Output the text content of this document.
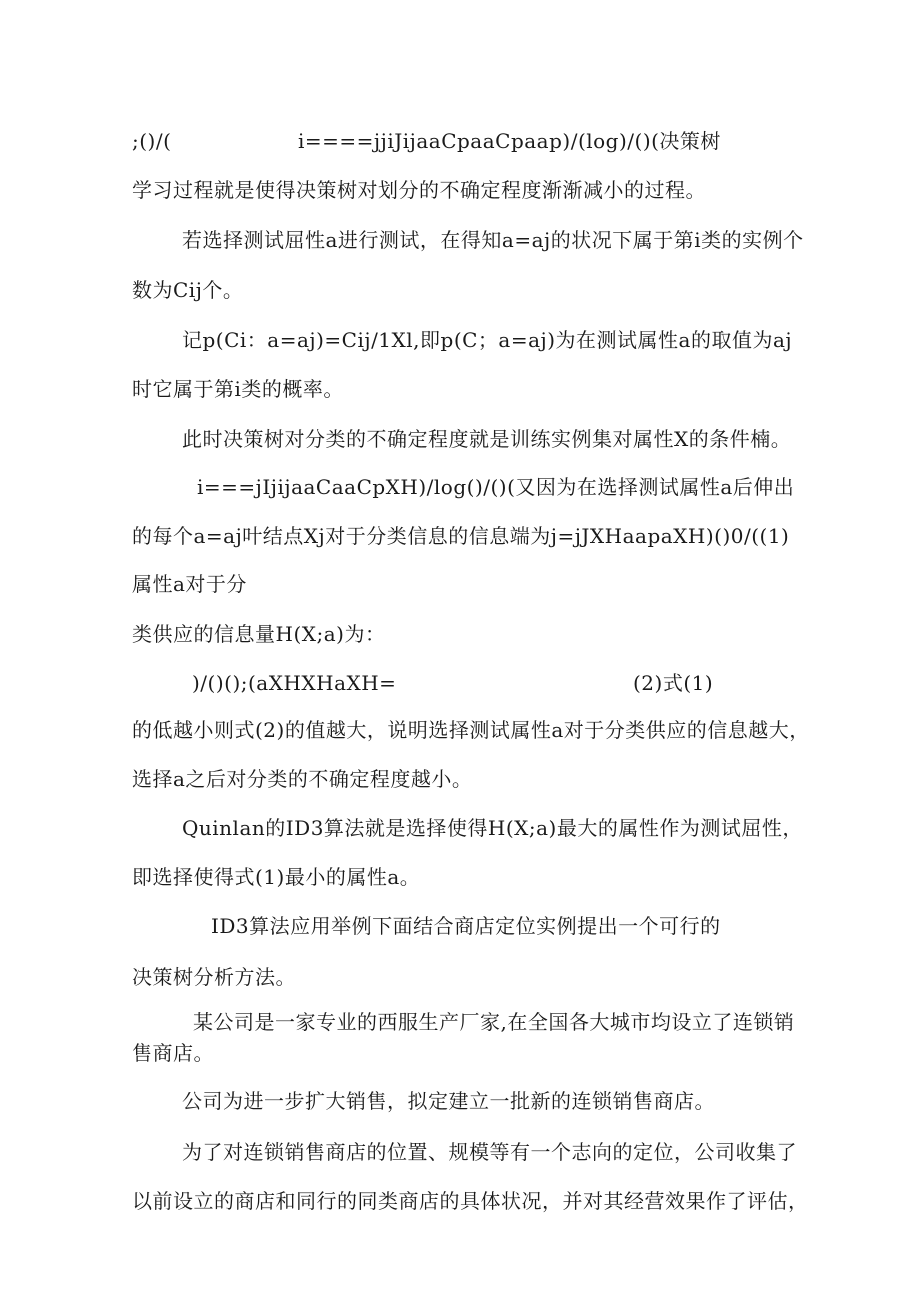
;()/(	i====jjiJijaaCpaaCpaap)/(log)/()(决策树
学习过程就是使得决策树对划分的不确定程度渐渐减小的过程。
若选择测试屈性a进行测试，在得知a=aj的状况下属于第i类的实例个
数为Cij个。
记p(Ci：a=aj)=Cij/1Xl,即p(C；a=aj)为在测试属性a的取值为aj
时它属于第i类的概率。
此时决策树对分类的不确定程度就是训练实例集对属性X的条件楠。
i===jIjijaaCaaCpXH)/log()/()(又因为在选择测试属性a后伸出
的每个a=aj叶结点Xj对于分类信息的信息端为j=jJXHaapaXH)()0/((1)
属性a对于分
类供应的信息量H(X;a)为：
)/()();(aXHXHaXH=	(2)式(1)
的低越小则式(2)的值越大，说明选择测试属性a对于分类供应的信息越大，
选择a之后对分类的不确定程度越小。
Quinlan的ID3算法就是选择使得H(X;a)最大的属性作为测试屈性，
即选择使得式(1)最小的属性a。
ID3算法应用举例下面结合商店定位实例提出一个可行的
决策树分析方法。
某公司是一家专业的西服生产厂家,在全国各大城市均设立了连锁销
售商店。
公司为进一步扩大销售，拟定建立一批新的连锁销售商店。
为了对连锁销售商店的位置、规模等有一个志向的定位，公司收集了
以前设立的商店和同行的同类商店的具体状况，并对其经营效果作了评估，
